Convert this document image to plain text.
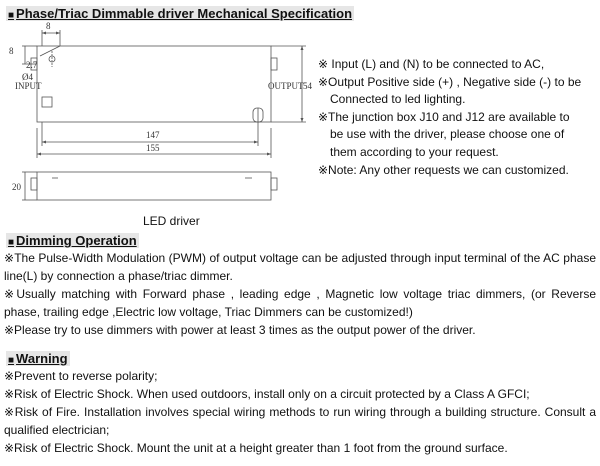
■ Phase/Triac Dimmable driver Mechanical Specification
8
8
2.7
Ø4
INPUT	OUTPUT 54
147
155
20

※ Input (L) and (N) to be connected to AC,

※Output Positive side (+) , Negative side (-) to be

Connected to led lighting.

※The junction box J10 and J12 are available to

be use with the driver, please choose one of

them according to your request.

※Note: Any other requests we can customized.

LED driver
■ Dimming Operation

※The Pulse-Width Modulation (PWM) of output voltage can be adjusted through input terminal of the AC phase line(L) by connection a phase/triac dimmer.

※Usually matching with Forward phase , leading edge , Magnetic low voltage triac dimmers, (or Reverse phase, trailing edge ,Electric low voltage, Triac Dimmers can be customized!)

※Please try to use dimmers with power at least 3 times as the output power of the driver.

■ Warning

※Prevent to reverse polarity;

※Risk of Electric Shock. When used outdoors, install only on a circuit protected by a Class A GFCI;

※Risk of Fire. Installation involves special wiring methods to run wiring through a building structure. Consult a qualified electrician;

※Risk of Electric Shock. Mount the unit at a height greater than 1 foot from the ground surface.
